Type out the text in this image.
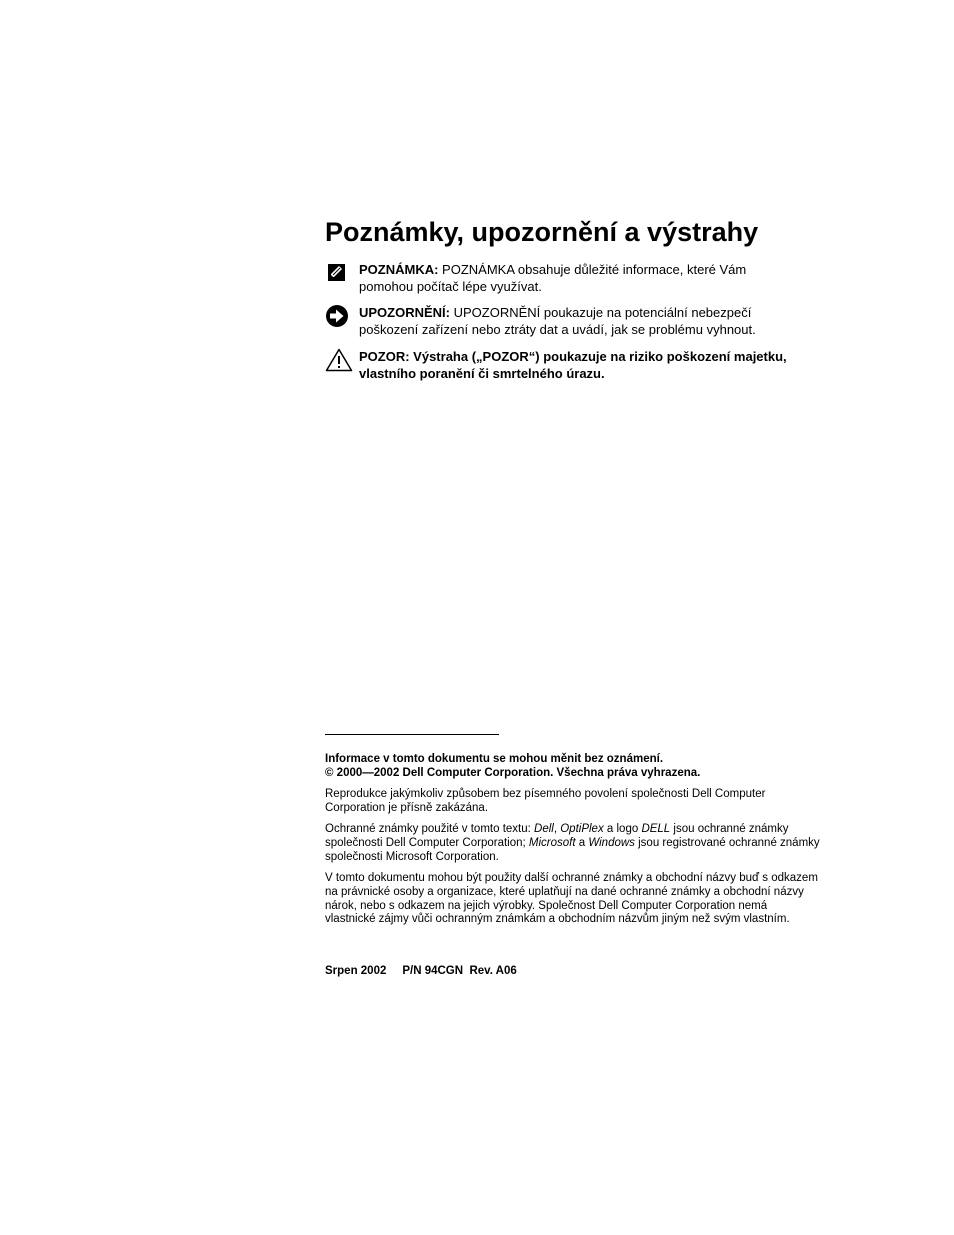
Poznámky, upozornění a výstrahy
POZNÁMKA: POZNÁMKA obsahuje důležité informace, které Vám pomohou počítač lépe využívat.
UPOZORNĚNÍ: UPOZORNĚNÍ poukazuje na potenciální nebezpečí poškození zařízení nebo ztráty dat a uvádí, jak se problému vyhnout.
POZOR: Výstraha („POZOR“) poukazuje na riziko poškození majetku, vlastního poranění či smrtelného úrazu.

Informace v tomto dokumentu se mohou měnit bez oznámení.
© 2000—2002 Dell Computer Corporation. Všechna práva vyhrazena.

Reprodukce jakýmkoliv způsobem bez písemného povolení společnosti Dell Computer Corporation je přísně zakázána.

Ochranné známky použité v tomto textu: Dell, OptiPlex a logo DELL jsou ochranné známky společnosti Dell Computer Corporation; Microsoft a Windows jsou registrované ochranné známky společnosti Microsoft Corporation.

V tomto dokumentu mohou být použity další ochranné známky a obchodní názvy buď s odkazem na právnické osoby a organizace, které uplatňují na dané ochranné známky a obchodní názvy nárok, nebo s odkazem na jejich výrobky. Společnost Dell Computer Corporation nemá vlastnické zájmy vůči ochranným známkám a obchodním názvům jiným než svým vlastním.

Srpen 2002     P/N 94CGN  Rev. A06
